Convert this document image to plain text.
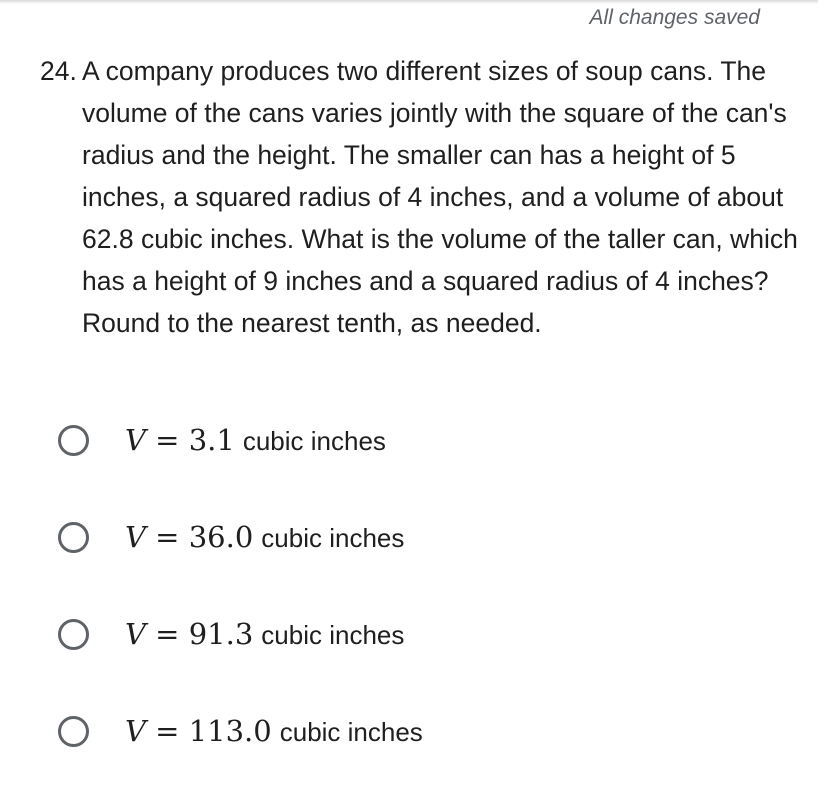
All changes saved
24. A company produces two different sizes of soup cans. The volume of the cans varies jointly with the square of the can's radius and the height. The smaller can has a height of 5 inches, a squared radius of 4 inches, and a volume of about 62.8 cubic inches. What is the volume of the taller can, which has a height of 9 inches and a squared radius of 4 inches? Round to the nearest tenth, as needed.
V = 3.1 cubic inches
V = 36.0 cubic inches
V = 91.3 cubic inches
V = 113.0 cubic inches
